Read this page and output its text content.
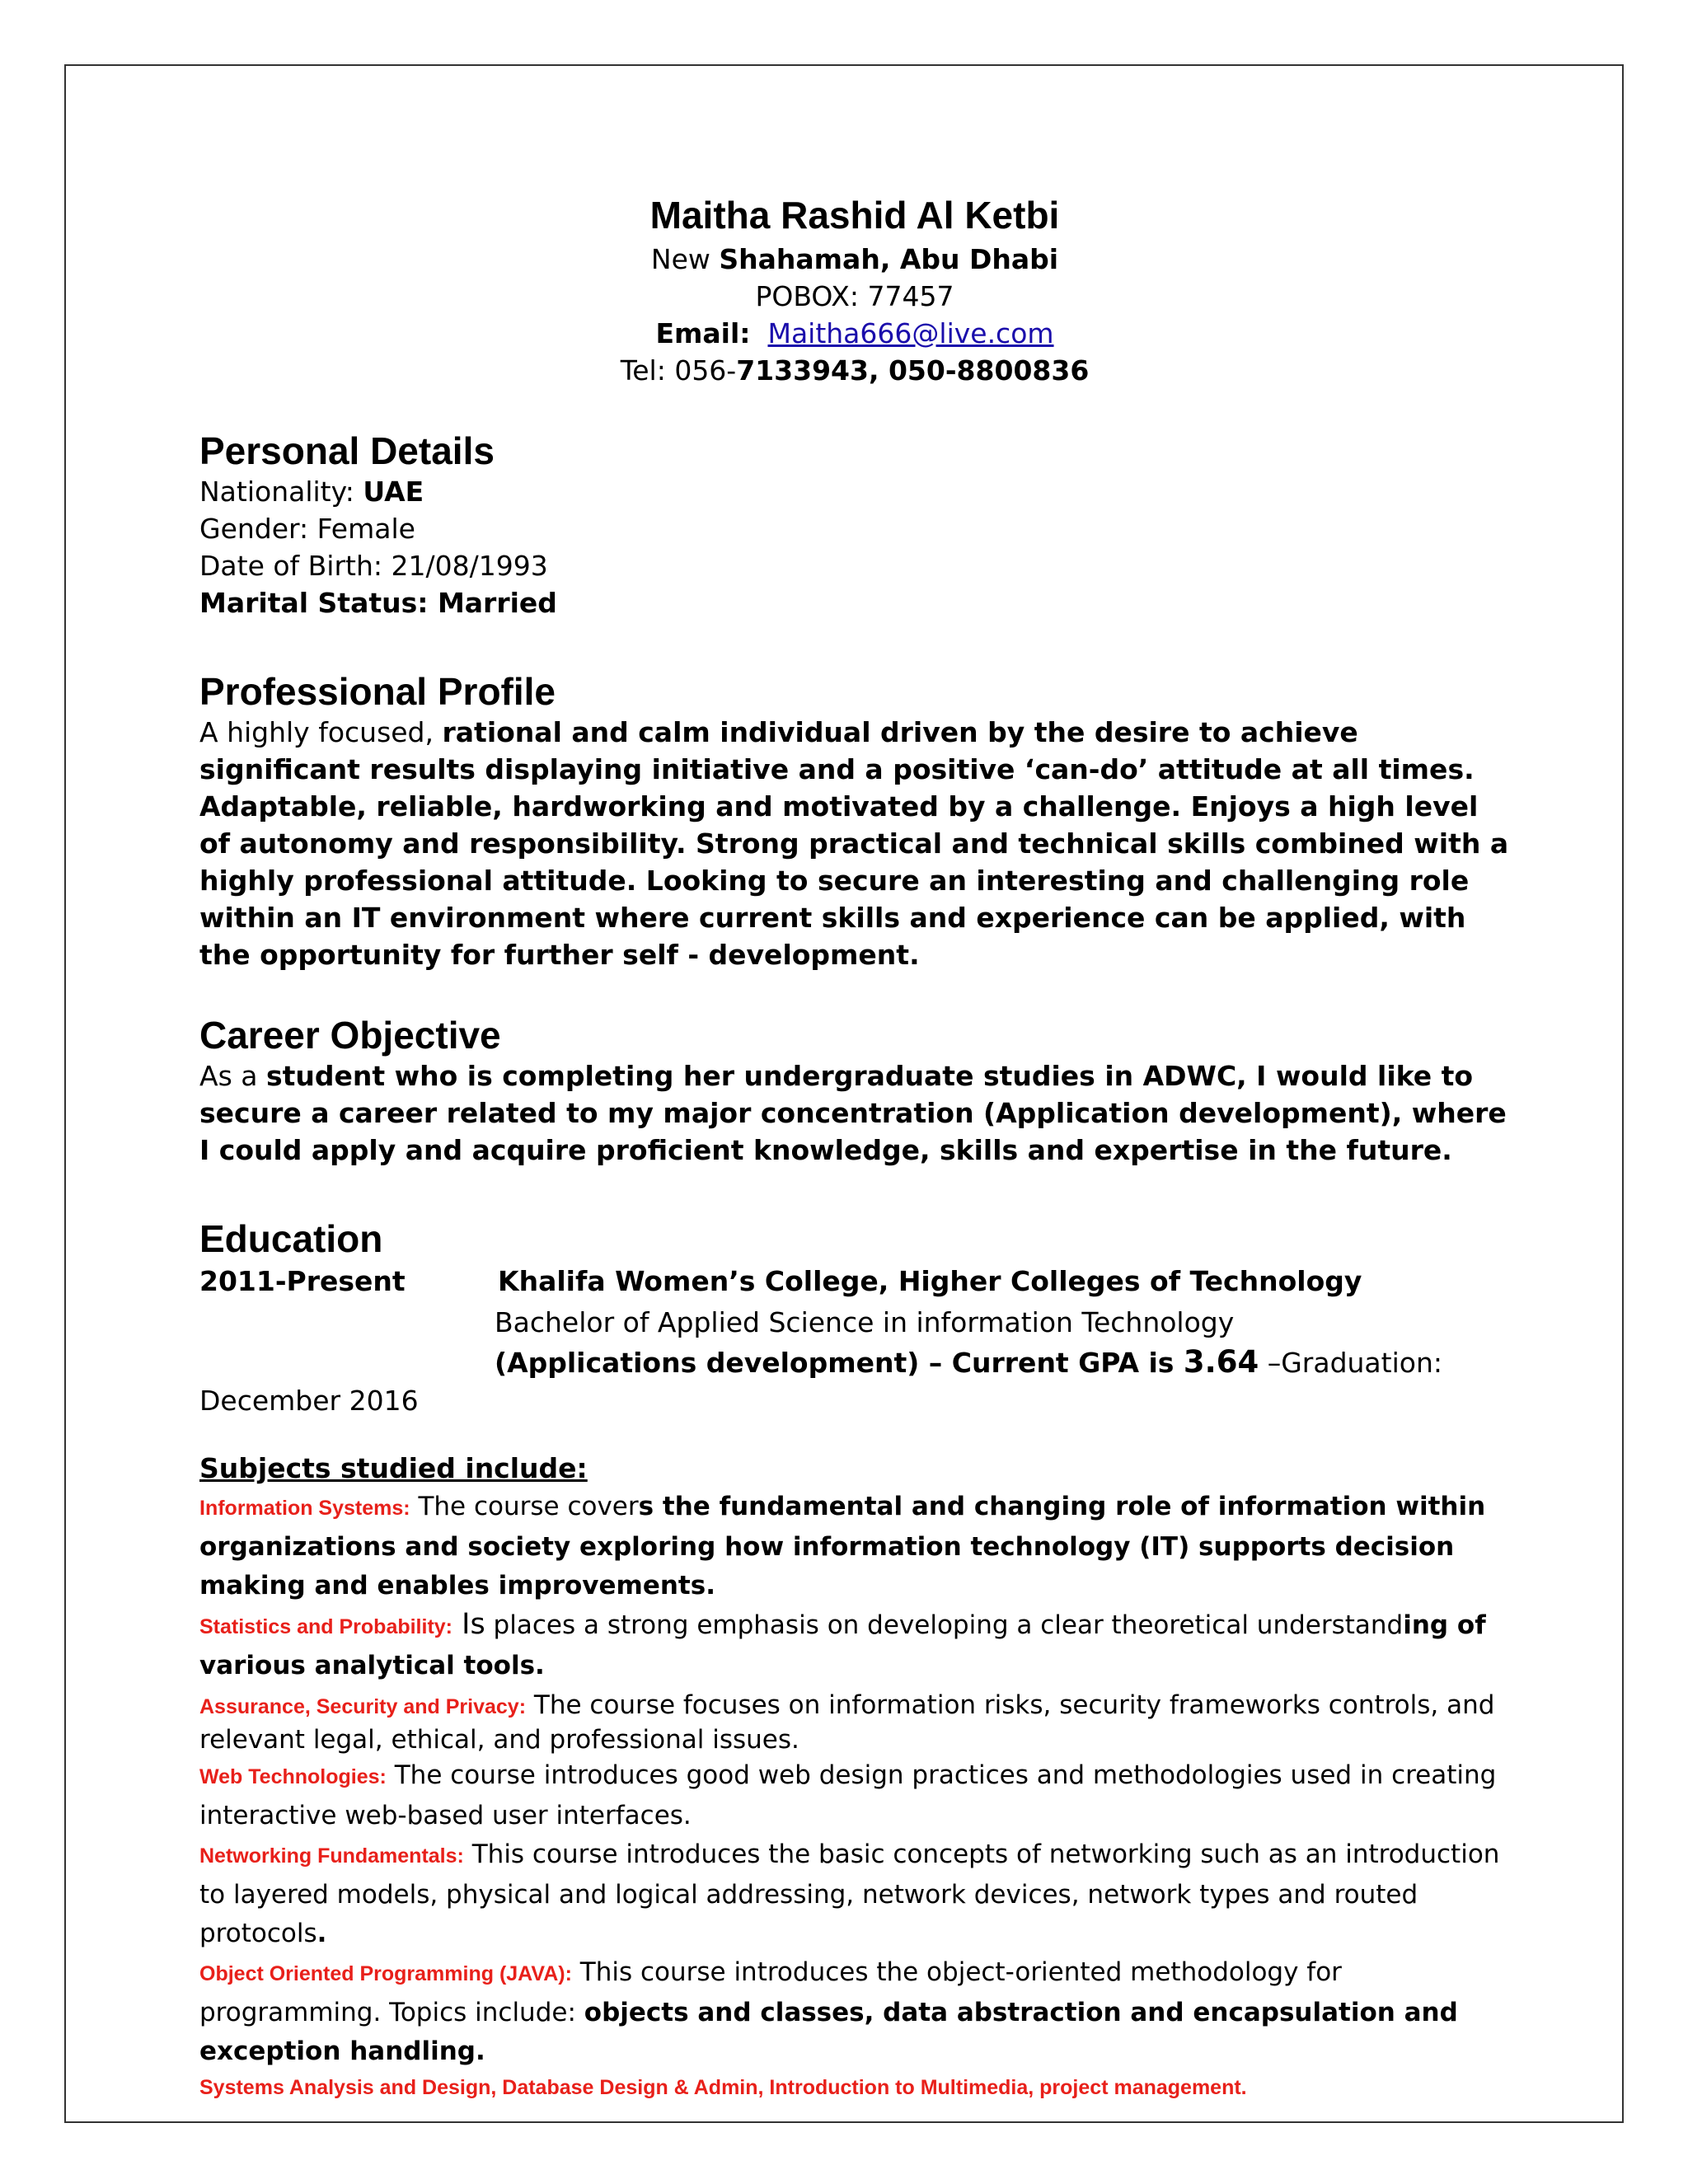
Maitha Rashid Al Ketbi
New Shahamah, Abu Dhabi
POBOX: 77457
Email: Maitha666@live.com
Tel: 056-7133943, 050-8800836
Personal Details
Nationality: UAE
Gender: Female
Date of Birth: 21/08/1993
Marital Status: Married
Professional Profile
A highly focused, rational and calm individual driven by the desire to achieve significant results displaying initiative and a positive ‘can-do’ attitude at all times. Adaptable, reliable, hardworking and motivated by a challenge. Enjoys a high level of autonomy and responsibility. Strong practical and technical skills combined with a highly professional attitude. Looking to secure an interesting and challenging role within an IT environment where current skills and experience can be applied, with the opportunity for further self - development.
Career Objective
As a student who is completing her undergraduate studies in ADWC, I would like to secure a career related to my major concentration (Application development), where I could apply and acquire proficient knowledge, skills and expertise in the future.
Education
2011-Present	Khalifa Women’s College, Higher Colleges of Technology
Bachelor of Applied Science in information Technology
(Applications development) – Current GPA is 3.64 –Graduation: December 2016
Subjects studied include:
Information Systems: The course covers the fundamental and changing role of information within organizations and society exploring how information technology (IT) supports decision making and enables improvements.
Statistics and Probability: Is places a strong emphasis on developing a clear theoretical understanding of various analytical tools.
Assurance, Security and Privacy: The course focuses on information risks, security frameworks controls, and relevant legal, ethical, and professional issues.
Web Technologies: The course introduces good web design practices and methodologies used in creating interactive web-based user interfaces.
Networking Fundamentals: This course introduces the basic concepts of networking such as an introduction to layered models, physical and logical addressing, network devices, network types and routed protocols.
Object Oriented Programming (JAVA): This course introduces the object-oriented methodology for programming. Topics include: objects and classes, data abstraction and encapsulation and exception handling.
Systems Analysis and Design, Database Design & Admin, Introduction to Multimedia, project management.
